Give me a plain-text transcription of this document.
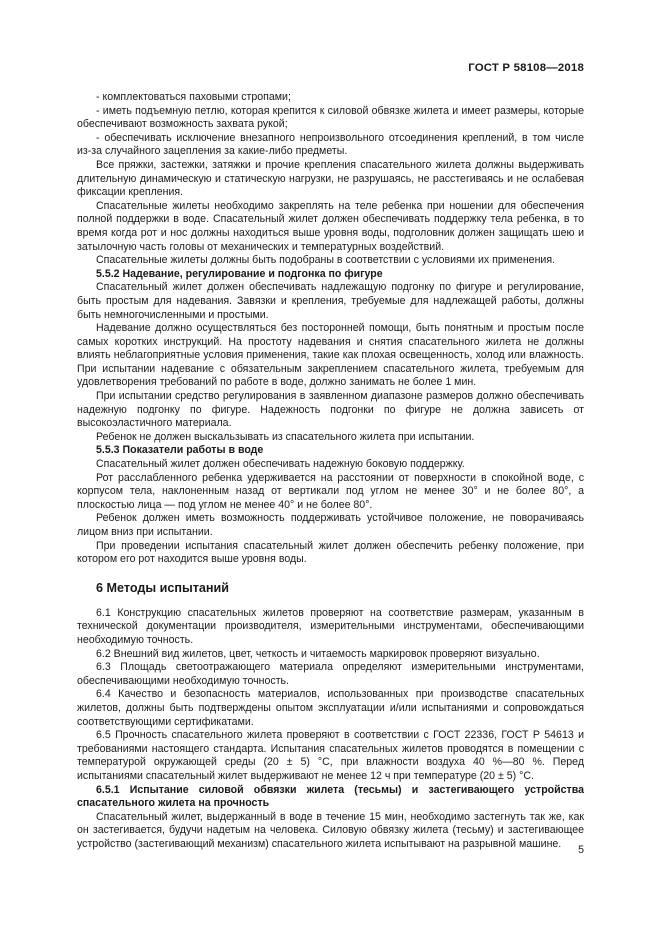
ГОСТ Р 58108—2018

- комплектоваться паховыми стропами;

- иметь подъемную петлю, которая крепится к силовой обвязке жилета и имеет размеры, которые обеспечивают возможность захвата рукой;

- обеспечивать исключение внезапного непроизвольного отсоединения креплений, в том числе из-за случайного зацепления за какие-либо предметы.

Все пряжки, застежки, затяжки и прочие крепления спасательного жилета должны выдерживать длительную динамическую и статическую нагрузки, не разрушаясь, не расстегиваясь и не ослабевая фиксации крепления.

Спасательные жилеты необходимо закреплять на теле ребенка при ношении для обеспечения полной поддержки в воде. Спасательный жилет должен обеспечивать поддержку тела ребенка, в то время когда рот и нос должны находиться выше уровня воды, подголовник должен защищать шею и затылочную часть головы от механических и температурных воздействий.

Спасательные жилеты должны быть подобраны в соответствии с условиями их применения.

5.5.2 Надевание, регулирование и подгонка по фигуре

Спасательный жилет должен обеспечивать надлежащую подгонку по фигуре и регулирование, быть простым для надевания. Завязки и крепления, требуемые для надлежащей работы, должны быть немногочисленными и простыми.

Надевание должно осуществляться без посторонней помощи, быть понятным и простым после самых коротких инструкций. На простоту надевания и снятия спасательного жилета не должны влиять неблагоприятные условия применения, такие как плохая освещенность, холод или влажность. При испытании надевание с обязательным закреплением спасательного жилета, требуемым для удовлетворения требований по работе в воде, должно занимать не более 1 мин.

При испытании средство регулирования в заявленном диапазоне размеров должно обеспечивать надежную подгонку по фигуре. Надежность подгонки по фигуре не должна зависеть от высокоэластичного материала.

Ребенок не должен выскальзывать из спасательного жилета при испытании.

5.5.3 Показатели работы в воде

Спасательный жилет должен обеспечивать надежную боковую поддержку.

Рот расслабленного ребенка удерживается на расстоянии от поверхности в спокойной воде, с корпусом тела, наклоненным назад от вертикали под углом не менее 30° и не более 80°, а плоскостью лица — под углом не менее 40° и не более 80°.

Ребенок должен иметь возможность поддерживать устойчивое положение, не поворачиваясь лицом вниз при испытании.

При проведении испытания спасательный жилет должен обеспечить ребенку положение, при котором его рот находится выше уровня воды.

6 Методы испытаний

6.1 Конструкцию спасательных жилетов проверяют на соответствие размерам, указанным в технической документации производителя, измерительными инструментами, обеспечивающими необходимую точность.

6.2 Внешний вид жилетов, цвет, четкость и читаемость маркировок проверяют визуально.

6.3 Площадь светоотражающего материала определяют измерительными инструментами, обеспечивающими необходимую точность.

6.4 Качество и безопасность материалов, использованных при производстве спасательных жилетов, должны быть подтверждены опытом эксплуатации и/или испытаниями и сопровождаться соответствующими сертификатами.

6.5 Прочность спасательного жилета проверяют в соответствии с ГОСТ 22336, ГОСТ Р 54613 и требованиями настоящего стандарта. Испытания спасательных жилетов проводятся в помещении с температурой окружающей среды (20 ± 5) °С, при влажности воздуха 40 %—80 %. Перед испытаниями спасательный жилет выдерживают не менее 12 ч при температуре (20 ± 5) °С.

6.5.1 Испытание силовой обвязки жилета (тесьмы) и застегивающего устройства спасательного жилета на прочность

Спасательный жилет, выдержанный в воде в течение 15 мин, необходимо застегнуть так же, как он застегивается, будучи надетым на человека. Силовую обвязку жилета (тесьму) и застегивающее устройство (застегивающий механизм) спасательного жилета испытывают на разрывной машине.

5
